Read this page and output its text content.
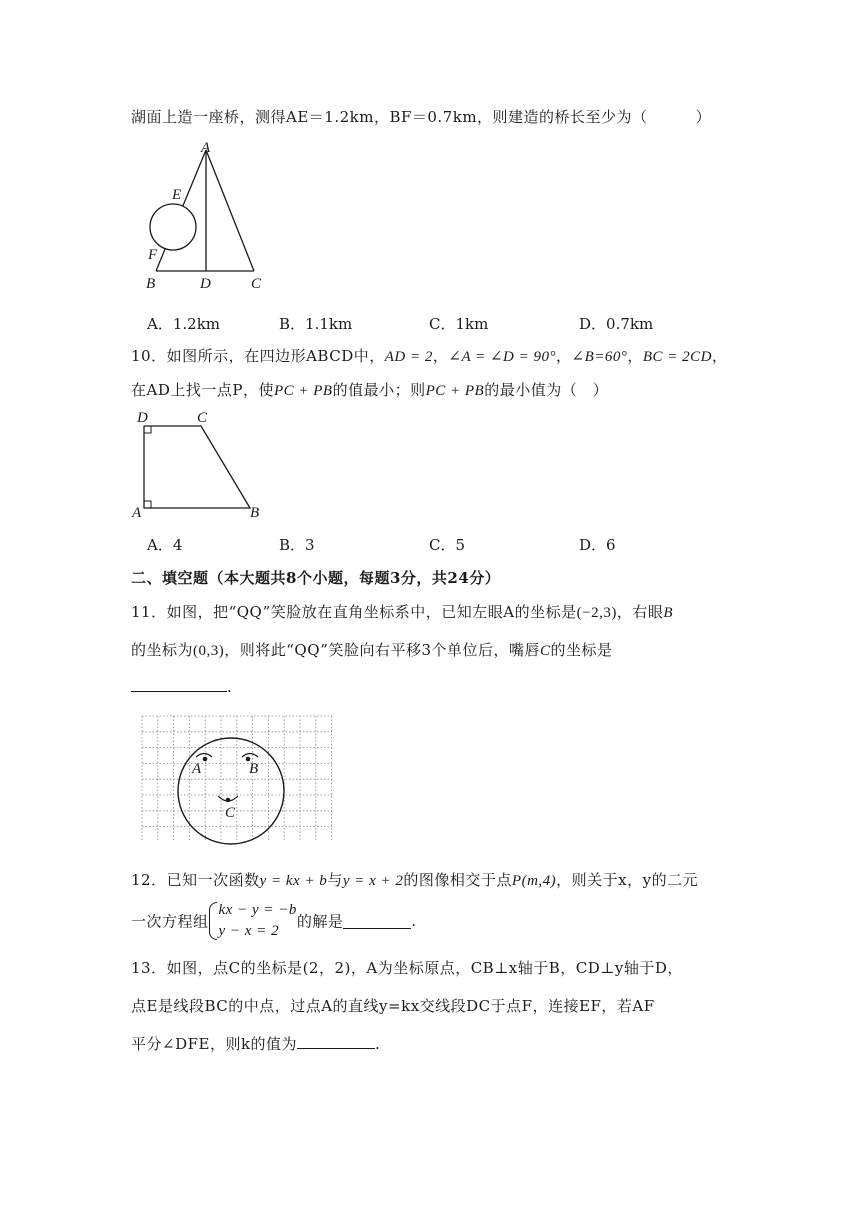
湖面上造一座桥，测得AE＝1.2km，BF＝0.7km，则建造的桥长至少为（	）
A
E
F
B	D	C
A．1.2km	B．1.1km	C．1km	D．0.7km
10．如图所示，在四边形ABCD中，AD = 2，∠A = ∠D = 90°，∠B=60°，BC = 2CD，
在AD上找一点P，使PC + PB的值最小；则PC + PB的最小值为（　）
D	C
A	B
A．4	B．3	C．5	D．6
二、填空题（本大题共8个小题，每题3分，共24分）
11．如图，把“QQ”笑脸放在直角坐标系中，已知左眼A的坐标是(−2,3)，右眼B
的坐标为(0,3)，则将此“QQ”笑脸向右平移3个单位后，嘴唇C的坐标是
.
A	B
C
12．已知一次函数y = kx + b与y = x + 2的图像相交于点P(m,4)，则关于x，y的二元
一次方程组
kx − y = −b
y − x = 2
的解是	.
13．如图，点C的坐标是(2，2)，A为坐标原点，CB⊥x轴于B，CD⊥y轴于D，
点E是线段BC的中点，过点A的直线y=kx交线段DC于点F，连接EF，若AF
平分∠DFE，则k的值为	.
